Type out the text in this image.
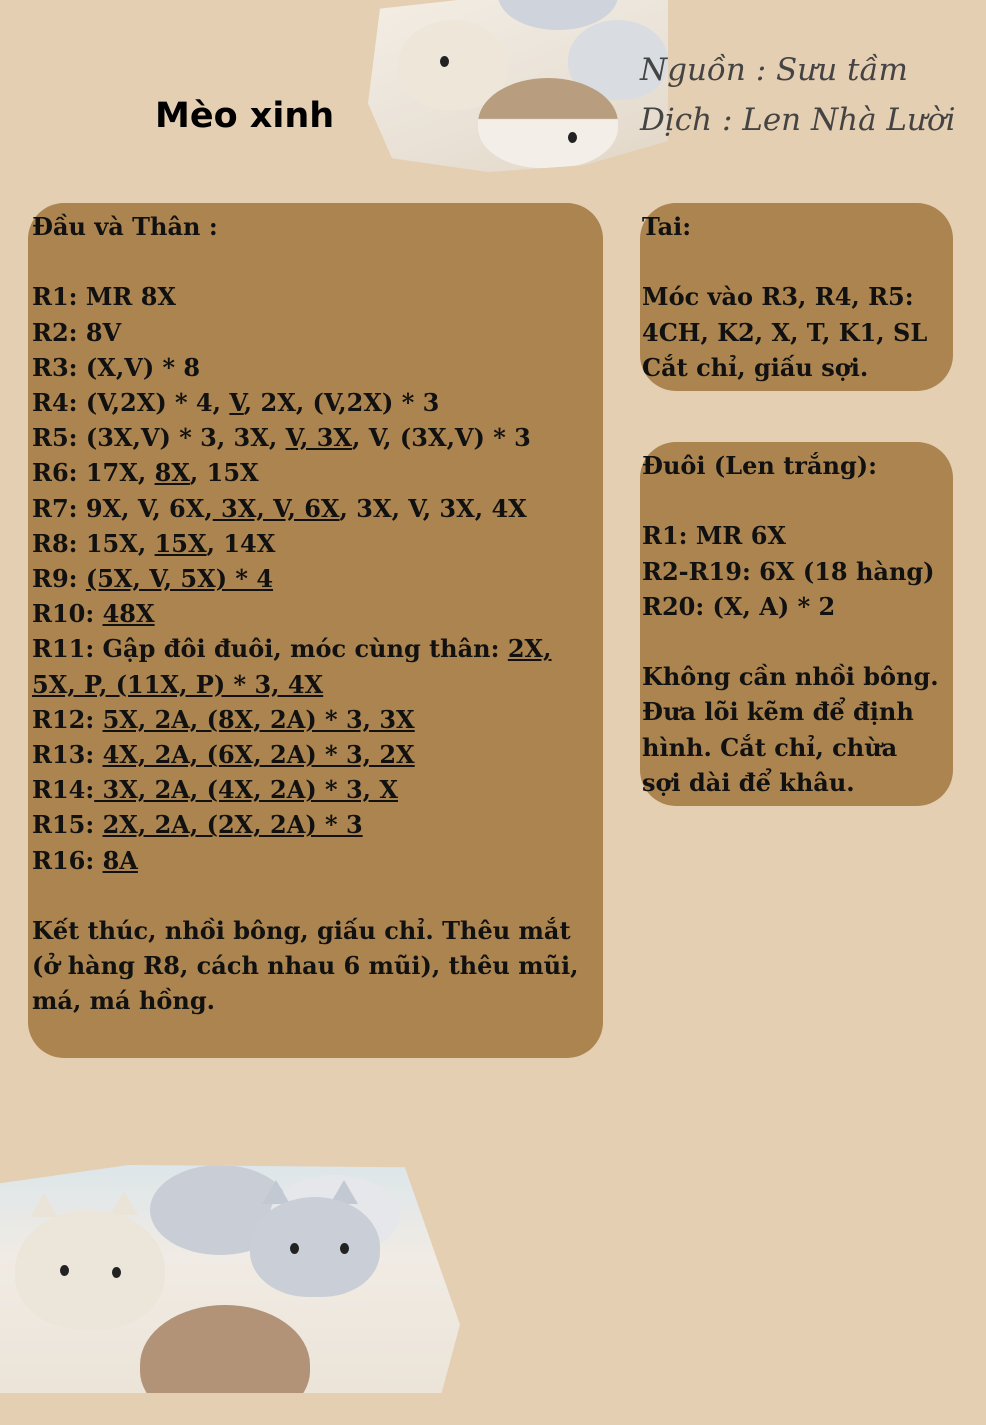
Mèo xinh
Nguồn : Sưu tầm
Dịch : Len Nhà Lười
Đầu và Thân :
R1: MR 8X
R2: 8V
R3: (X,V) * 8
R4: (V,2X) * 4, V, 2X, (V,2X) * 3
R5: (3X,V) * 3, 3X, V, 3X, V, (3X,V) * 3
R6: 17X, 8X, 15X
R7: 9X, V, 6X, 3X, V, 6X, 3X, V, 3X, 4X
R8: 15X, 15X, 14X
R9: (5X, V, 5X) * 4
R10: 48X
R11: Gập đôi đuôi, móc cùng thân: 2X,
5X, P, (11X, P) * 3, 4X
R12: 5X, 2A, (8X, 2A) * 3, 3X
R13: 4X, 2A, (6X, 2A) * 3, 2X
R14: 3X, 2A, (4X, 2A) * 3, X
R15: 2X, 2A, (2X, 2A) * 3
R16: 8A
Kết thúc, nhồi bông, giấu chỉ. Thêu mắt
(ở hàng R8, cách nhau 6 mũi), thêu mũi,
má, má hồng.
Tai:
Móc vào R3, R4, R5:
4CH, K2, X, T, K1, SL
Cắt chỉ, giấu sợi.
Đuôi (Len trắng):
R1: MR 6X
R2-R19: 6X (18 hàng)
R20: (X, A) * 2
Không cần nhồi bông.
Đưa lõi kẽm để định
hình. Cắt chỉ, chừa
sợi dài để khâu.
